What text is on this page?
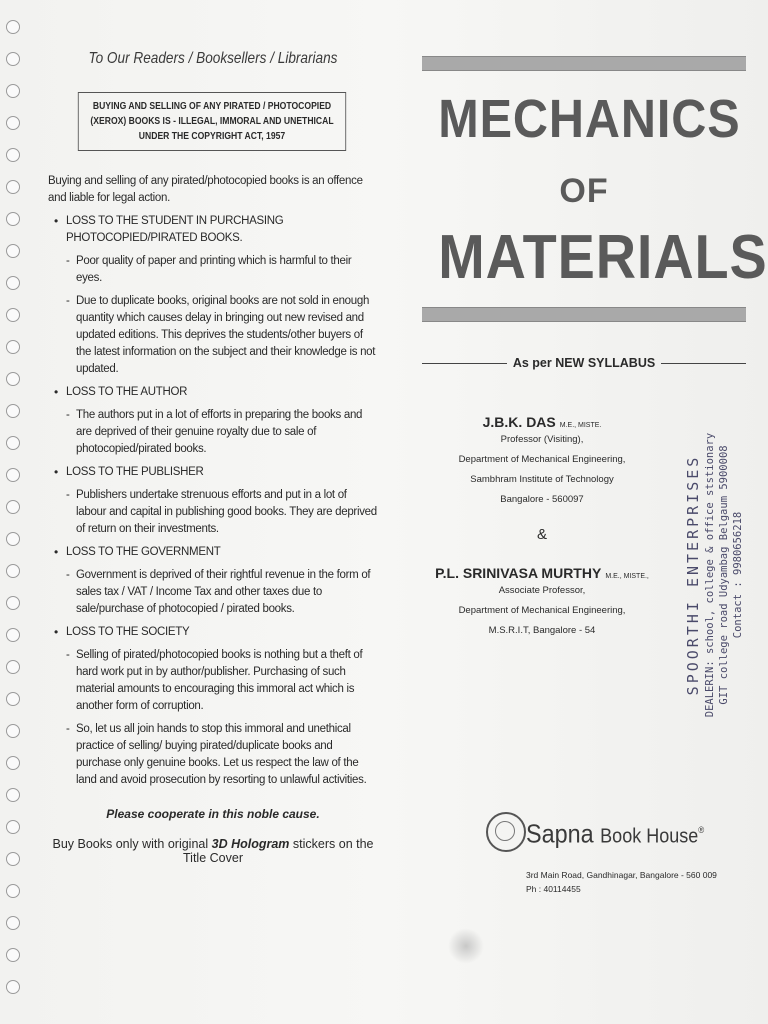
To Our Readers / Booksellers / Librarians
BUYING AND SELLING OF ANY PIRATED / PHOTOCOPIED (XEROX) BOOKS IS - ILLEGAL, IMMORAL AND UNETHICAL UNDER THE COPYRIGHT ACT, 1957
Buying and selling of any pirated/photocopied books is an offence and liable for legal action.
• LOSS TO THE STUDENT IN PURCHASING PHOTOCOPIED/PIRATED BOOKS.
- Poor quality of paper and printing which is harmful to their eyes.
- Due to duplicate books, original books are not sold in enough quantity which causes delay in bringing out new revised and updated editions. This deprives the students/other buyers of the latest information on the subject and their knowledge is not updated.
• LOSS TO THE AUTHOR
- The authors put in a lot of efforts in preparing the books and are deprived of their genuine royalty due to sale of photocopied/pirated books.
• LOSS TO THE PUBLISHER
- Publishers undertake strenuous efforts and put in a lot of labour and capital in publishing good books. They are deprived of return on their investments.
• LOSS TO THE GOVERNMENT
- Government is deprived of their rightful revenue in the form of sales tax / VAT / Income Tax and other taxes due to sale/purchase of photocopied / pirated books.
• LOSS TO THE SOCIETY
- Selling of pirated/photocopied books is nothing but a theft of hard work put in by author/publisher. Purchasing of such material amounts to encouraging this immoral act which is another form of corruption.
- So, let us all join hands to stop this immoral and unethical practice of selling/ buying pirated/duplicate books and purchase only genuine books. Let us respect the law of the land and avoid prosecution by resorting to unlawful activities.
Please cooperate in this noble cause.
Buy Books only with original 3D Hologram stickers on the Title Cover
MECHANICS
OF
MATERIALS
As per NEW SYLLABUS
J.B.K. DAS M.E., MISTE.
Professor (Visiting),
Department of Mechanical Engineering,
Sambhram Institute of Technology
Bangalore - 560097
&
P.L. SRINIVASA MURTHY M.E., MISTE.,
Associate Professor,
Department of Mechanical Engineering,
M.S.R.I.T, Bangalore - 54	SPOORTHI ENTERPRISES DEALERIN: school, college & office ststionary GIT college road Udyambag Belgaum 5900008 Contact : 9980656218
Sapna Book House®
3rd Main Road, Gandhinagar, Bangalore - 560 009
Ph : 40114455
